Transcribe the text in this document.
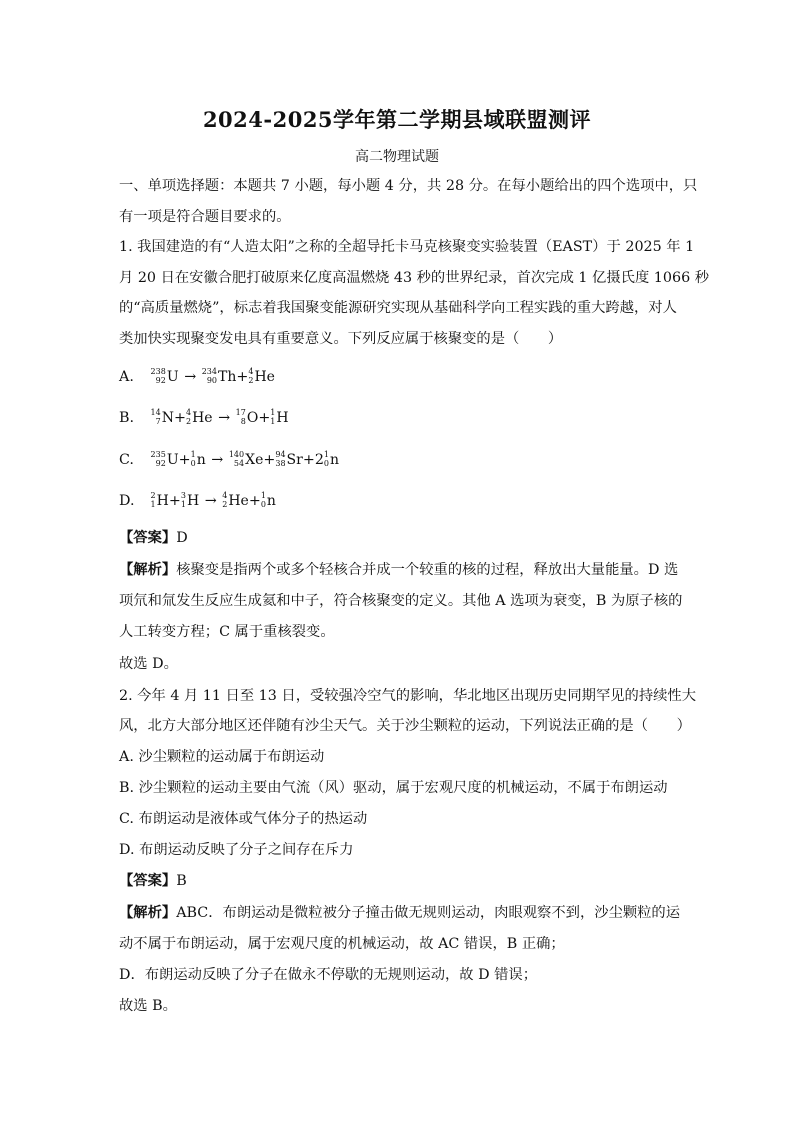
2024-2025学年第二学期县域联盟测评
高二物理试题
一、单项选择题：本题共 7 小题，每小题 4 分，共 28 分。在每小题给出的四个选项中，只
有一项是符合题目要求的。
1. 我国建造的有“人造太阳”之称的全超导托卡马克核聚变实验装置（EAST）于 2025 年 1
月 20 日在安徽合肥打破原来亿度高温燃烧 43 秒的世界纪录，首次完成 1 亿摄氏度 1066 秒
的“高质量燃烧”，标志着我国聚变能源研究实现从基础科学向工程实践的重大跨越，对人
类加快实现聚变发电具有重要意义。下列反应属于核聚变的是（　　）
A. 238
92 U → 234
90 Th+ 4
2 He
B. 14
7 N+ 4
2 He → 17
8 O+ 1
1 H
C. 235
92 U+ 1
0 n → 140
54 Xe+ 94
38 Sr+2 1
0 n
D. 2
1 H+ 3
1 H → 4
2 He+ 1
0 n
【答案】D
【解析】核聚变是指两个或多个轻核合并成一个较重的核的过程，释放出大量能量。D 选
项氘和氚发生反应生成氦和中子，符合核聚变的定义。其他 A 选项为衰变，B 为原子核的
人工转变方程；C 属于重核裂变。
故选 D。
2. 今年 4 月 11 日至 13 日，受较强冷空气的影响，华北地区出现历史同期罕见的持续性大
风，北方大部分地区还伴随有沙尘天气。关于沙尘颗粒的运动，下列说法正确的是（　　）
A. 沙尘颗粒的运动属于布朗运动
B. 沙尘颗粒的运动主要由气流（风）驱动，属于宏观尺度的机械运动，不属于布朗运动
C. 布朗运动是液体或气体分子的热运动
D. 布朗运动反映了分子之间存在斥力
【答案】B
【解析】ABC．布朗运动是微粒被分子撞击做无规则运动，肉眼观察不到，沙尘颗粒的运
动不属于布朗运动，属于宏观尺度的机械运动，故 AC 错误，B 正确；
D．布朗运动反映了分子在做永不停歇的无规则运动，故 D 错误；
故选 B。
